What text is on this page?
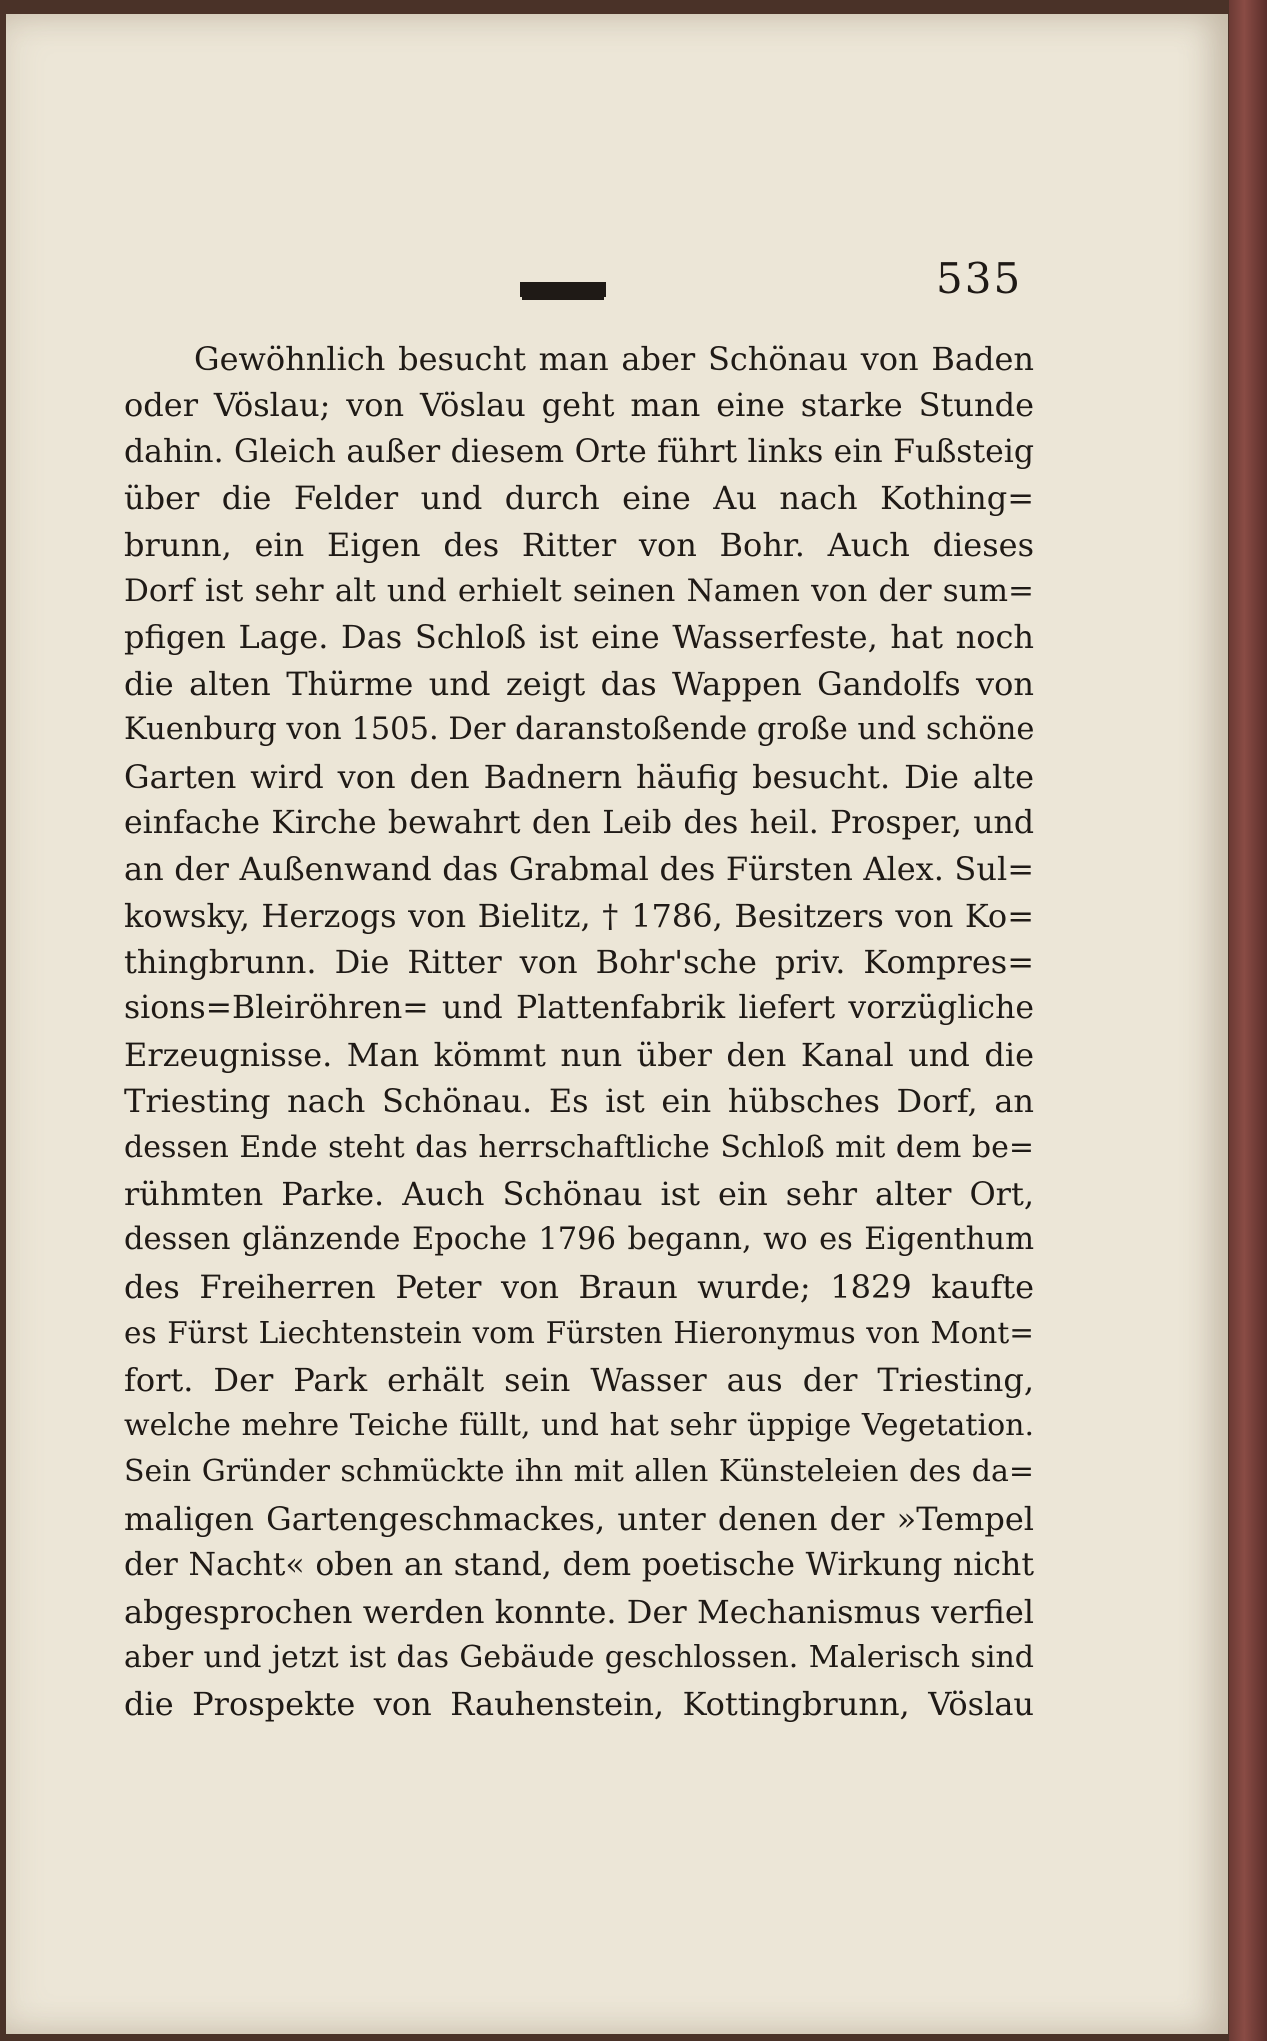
535
Gewöhnlich besucht man aber Schönau von Baden
oder Vöslau; von Vöslau geht man eine starke Stunde
dahin. Gleich außer diesem Orte führt links ein Fußsteig
über die Felder und durch eine Au nach Kothing=
brunn, ein Eigen des Ritter von Bohr. Auch dieses
Dorf ist sehr alt und erhielt seinen Namen von der sum=
pfigen Lage. Das Schloß ist eine Wasserfeste, hat noch
die alten Thürme und zeigt das Wappen Gandolfs von
Kuenburg von 1505. Der daranstoßende große und schöne
Garten wird von den Badnern häufig besucht. Die alte
einfache Kirche bewahrt den Leib des heil. Prosper, und
an der Außenwand das Grabmal des Fürsten Alex. Sul=
kowsky, Herzogs von Bielitz, † 1786, Besitzers von Ko=
thingbrunn. Die Ritter von Bohr'sche priv. Kompres=
sions=Bleiröhren= und Plattenfabrik liefert vorzügliche
Erzeugnisse. Man kömmt nun über den Kanal und die
Triesting nach Schönau. Es ist ein hübsches Dorf, an
dessen Ende steht das herrschaftliche Schloß mit dem be=
rühmten Parke. Auch Schönau ist ein sehr alter Ort,
dessen glänzende Epoche 1796 begann, wo es Eigenthum
des Freiherren Peter von Braun wurde; 1829 kaufte
es Fürst Liechtenstein vom Fürsten Hieronymus von Mont=
fort. Der Park erhält sein Wasser aus der Triesting,
welche mehre Teiche füllt, und hat sehr üppige Vegetation.
Sein Gründer schmückte ihn mit allen Künsteleien des da=
maligen Gartengeschmackes, unter denen der »Tempel
der Nacht« oben an stand, dem poetische Wirkung nicht
abgesprochen werden konnte. Der Mechanismus verfiel
aber und jetzt ist das Gebäude geschlossen. Malerisch sind
die Prospekte von Rauhenstein, Kottingbrunn, Vöslau
